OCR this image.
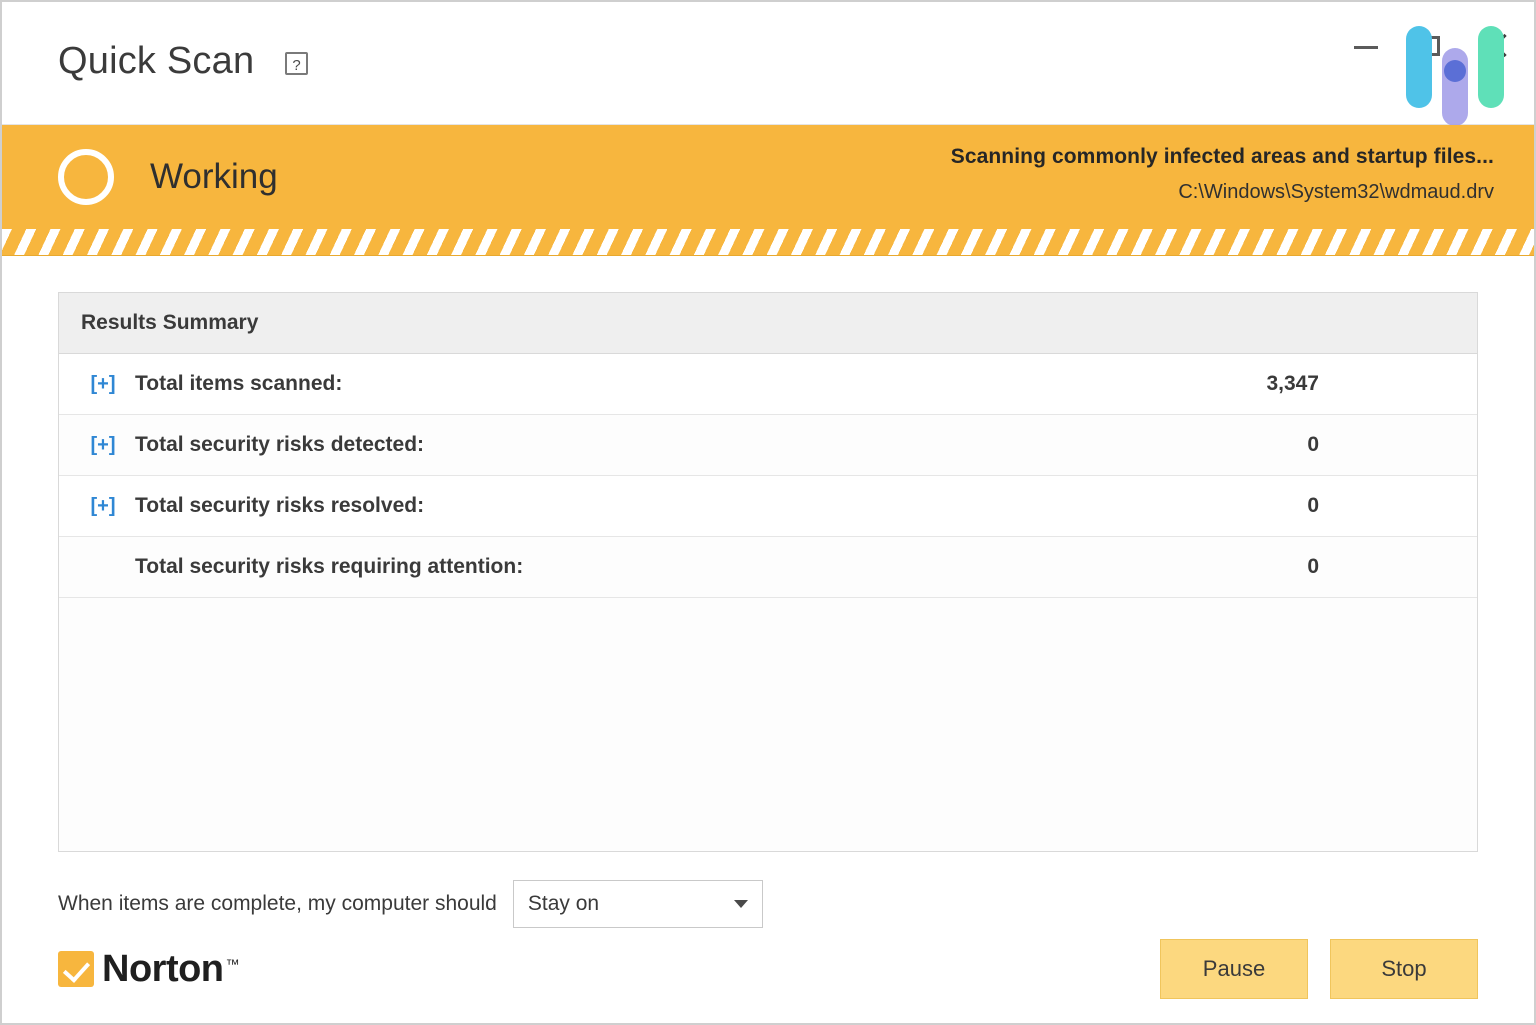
Quick Scan	?
Working
Scanning commonly infected areas and startup files...
C:\Windows\System32\wdmaud.drv
Results Summary
[+] Total items scanned:	3,347
[+] Total security risks detected:	0
[+] Total security risks resolved:	0
Total security risks requiring attention:	0
When items are complete, my computer should Stay on
Norton ™	Pause	Stop
